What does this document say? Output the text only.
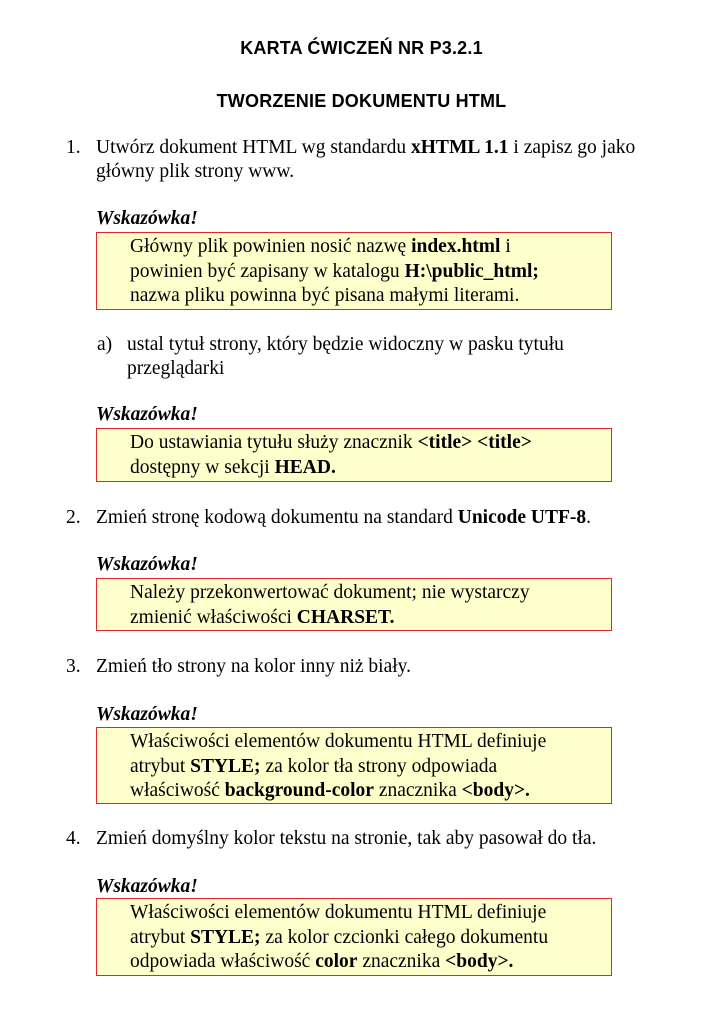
KARTA ĆWICZEŃ NR P3.2.1
TWORZENIE DOKUMENTU HTML
1. Utwórz dokument HTML wg standardu xHTML 1.1 i zapisz go jako
główny plik strony www.
Wskazówka!
Główny plik powinien nosić nazwę index.html i
powinien być zapisany w katalogu H:\public_html;
nazwa pliku powinna być pisana małymi literami.
a) ustal tytuł strony, który będzie widoczny w pasku tytułu
przeglądarki
Wskazówka!
Do ustawiania tytułu służy znacznik <title> <title>
dostępny w sekcji HEAD.
2. Zmień stronę kodową dokumentu na standard Unicode UTF-8.
Wskazówka!
Należy przekonwertować dokument; nie wystarczy
zmienić właściwości CHARSET.
3. Zmień tło strony na kolor inny niż biały.
Wskazówka!
Właściwości elementów dokumentu HTML definiuje
atrybut STYLE; za kolor tła strony odpowiada
właściwość background-color znacznika <body>.
4. Zmień domyślny kolor tekstu na stronie, tak aby pasował do tła.
Wskazówka!
Właściwości elementów dokumentu HTML definiuje
atrybut STYLE; za kolor czcionki całego dokumentu
odpowiada właściwość color znacznika <body>.
